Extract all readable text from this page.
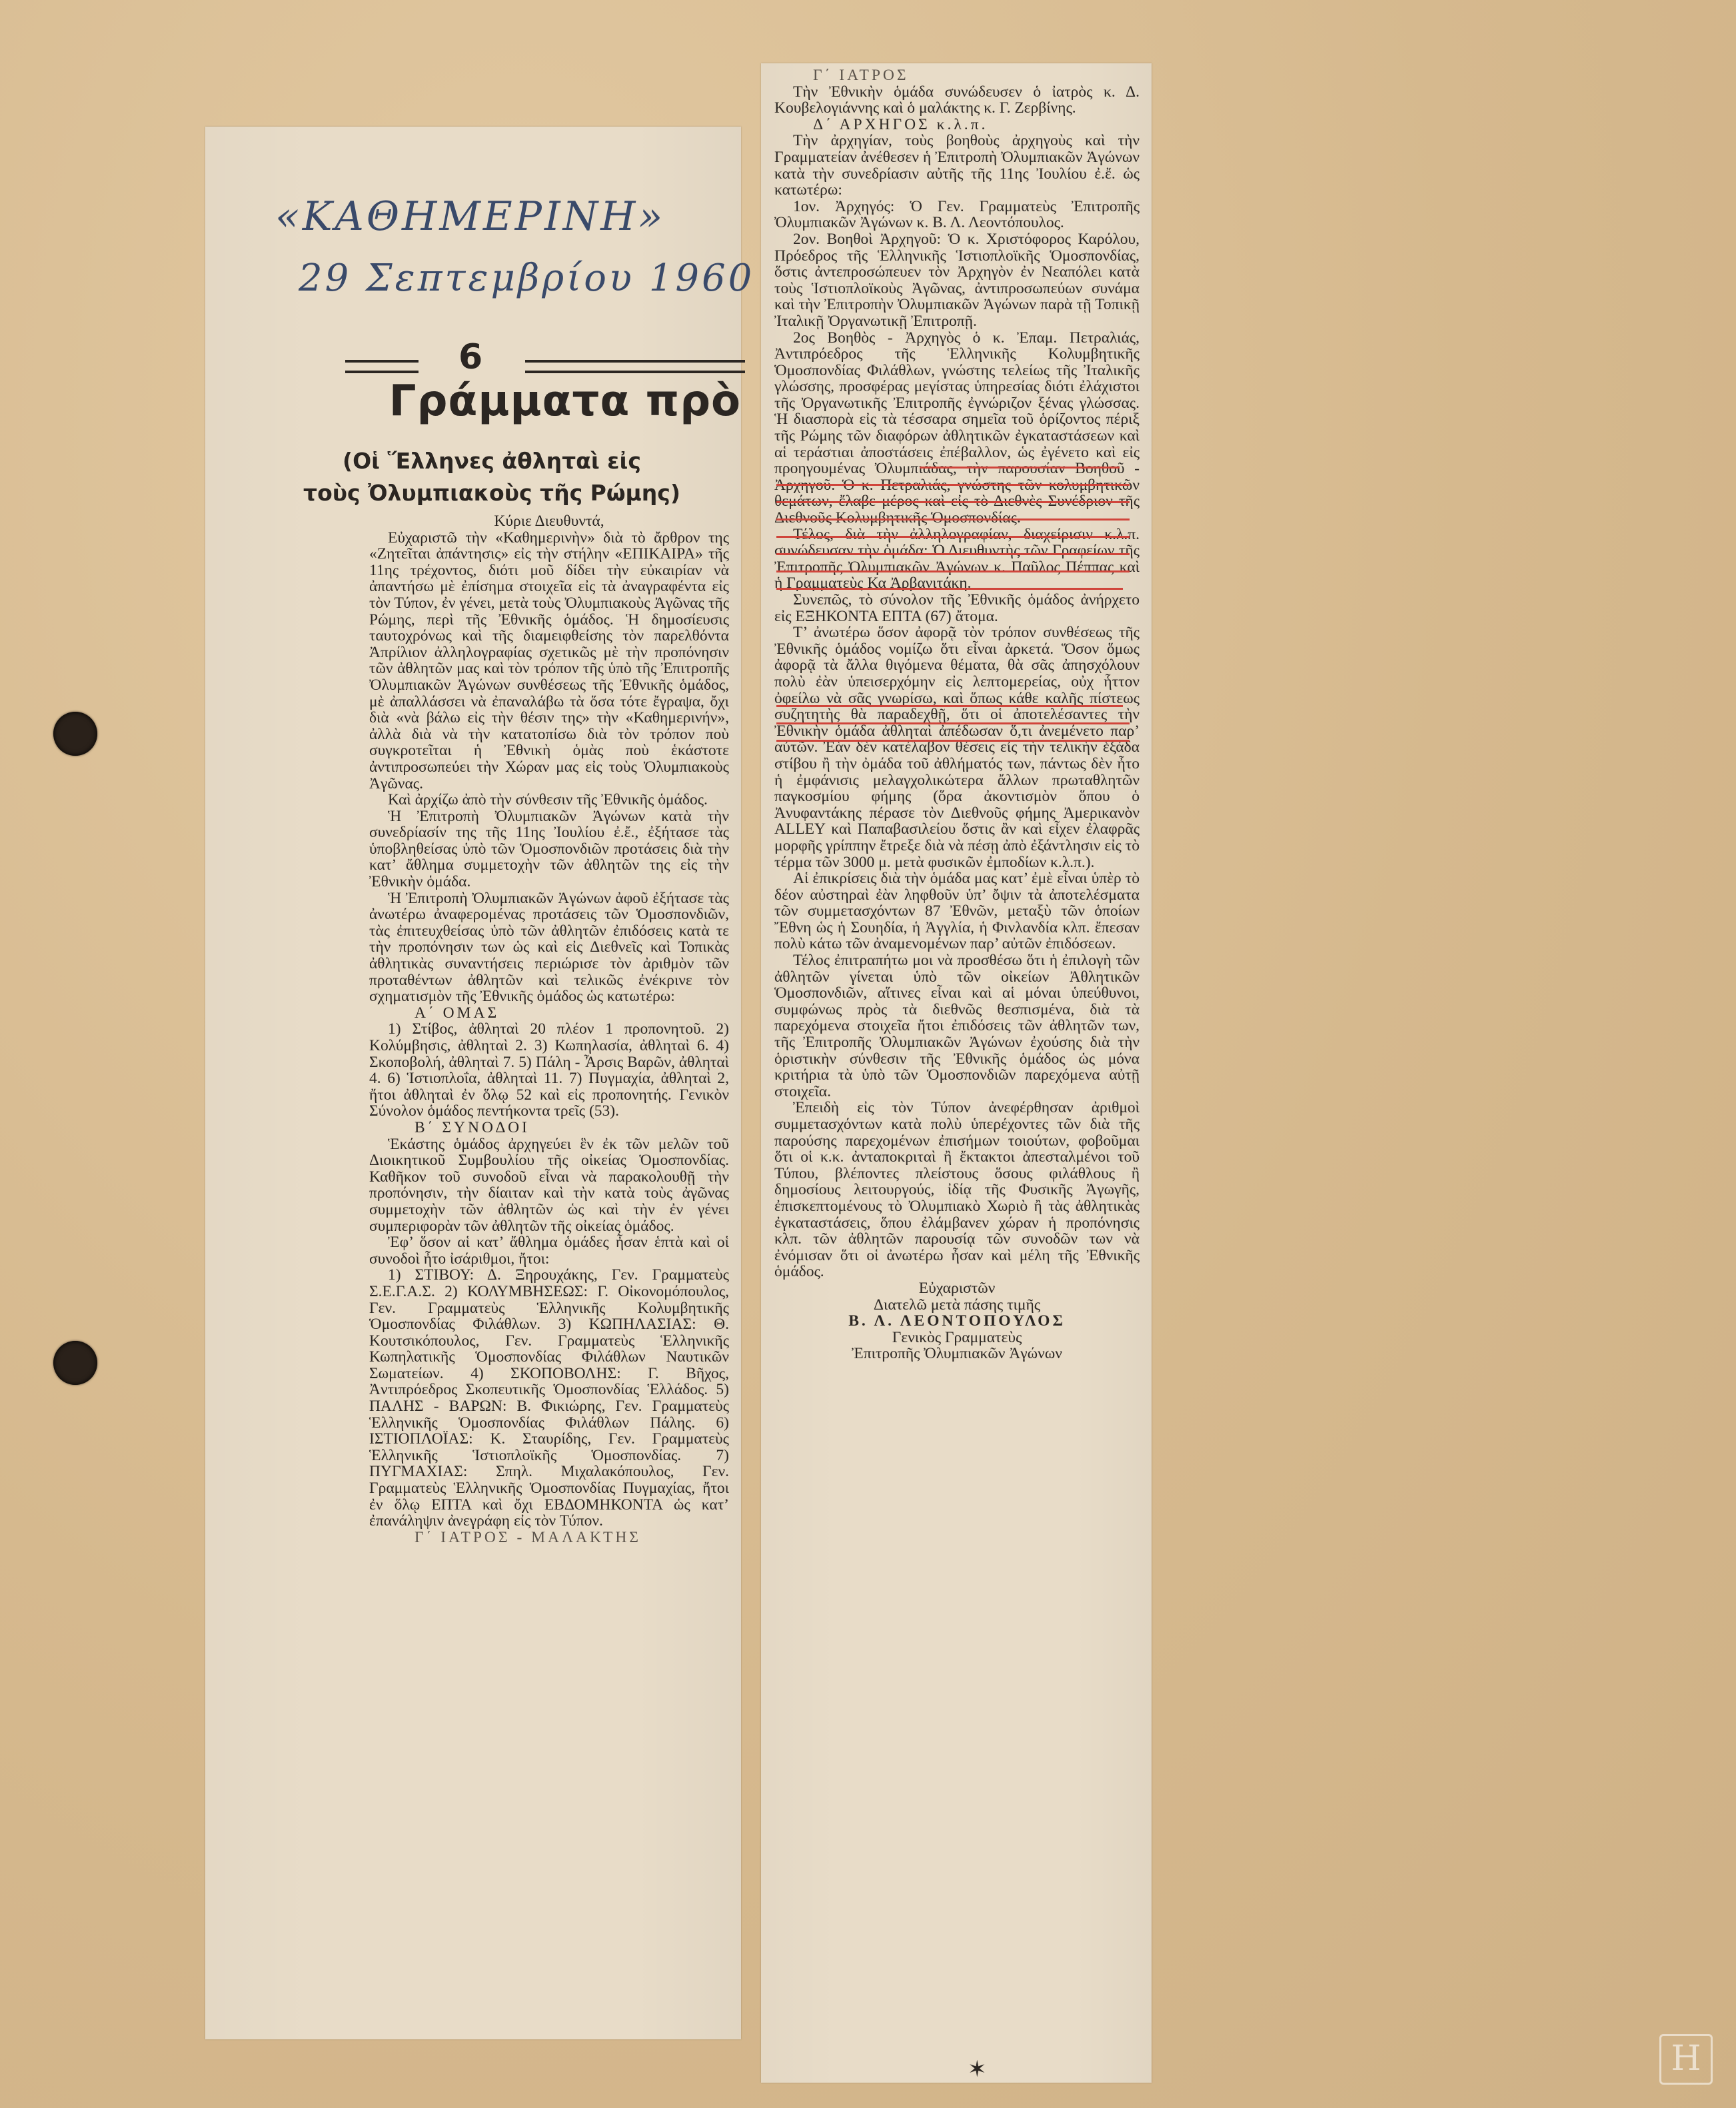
«ΚΑΘΗΜΕΡΙΝΗ»
29 Σεπτεμβρίου 1960
6
Γράμματα πρὸ
(Οἱ Ἕλληνες ἀθληταὶ εἰς
τοὺς Ὀλυμπιακοὺς τῆς Ρώμης)

Κύριε Διευθυντά,

Εὐχαριστῶ τὴν «Καθημερινὴν» διὰ τὸ ἄρθρον της «Ζητεῖται ἀπάντησις» εἰς τὴν στήλην «ΕΠΙΚΑΙΡΑ» τῆς 11ης τρέχοντος, διότι μοῦ δίδει τὴν εὐκαιρίαν νὰ ἀπαντήσω μὲ ἐπίσημα στοιχεῖα εἰς τὰ ἀναγραφέντα εἰς τὸν Τύπον, ἐν γένει, μετὰ τοὺς Ὀλυμπιακοὺς Ἀγῶνας τῆς Ρώμης, περὶ τῆς Ἐθνικῆς ὁμάδος. Ἡ δημοσίευσις ταυτοχρόνως καὶ τῆς διαμειφθείσης τὸν παρελθόντα Ἀπρίλιον ἀλληλογραφίας σχετικῶς μὲ τὴν προπόνησιν τῶν ἀθλητῶν μας καὶ τὸν τρόπον τῆς ὑπὸ τῆς Ἐπιτροπῆς Ὀλυμπιακῶν Ἀγώνων συνθέσεως τῆς Ἐθνικῆς ὁμάδος, μὲ ἀπαλλάσσει νὰ ἐπαναλάβω τὰ ὅσα τότε ἔγραψα, ὄχι διὰ «νὰ βάλω εἰς τὴν θέσιν της» τὴν «Καθημερινήν», ἀλλὰ διὰ νὰ τὴν κατατοπίσω διὰ τὸν τρόπον ποὺ συγκροτεῖται ἡ Ἐθνικὴ ὁμὰς ποὺ ἑκάστοτε ἀντιπροσωπεύει τὴν Χώραν μας εἰς τοὺς Ὀλυμπιακοὺς Ἀγῶνας.

Καὶ ἀρχίζω ἀπὸ τὴν σύνθεσιν τῆς Ἐθνικῆς ὁμάδος.

Ἡ Ἐπιτροπὴ Ὀλυμπιακῶν Ἀγώνων κατὰ τὴν συνεδρίασίν της τῆς 11ης Ἰουλίου ἐ.ἔ., ἐξήτασε τὰς ὑποβληθείσας ὑπὸ τῶν Ὁμοσπονδιῶν προτάσεις διὰ τὴν κατ’ ἄθλημα συμμετοχὴν τῶν ἀθλητῶν της εἰς τὴν Ἐθνικὴν ὁμάδα.

Ἡ Ἐπιτροπὴ Ὀλυμπιακῶν Ἀγώνων ἀφοῦ ἐξήτασε τὰς ἀνωτέρω ἀναφερομένας προτάσεις τῶν Ὁμοσπονδιῶν, τὰς ἐπιτευχθείσας ὑπὸ τῶν ἀθλητῶν ἐπιδόσεις κατὰ τε τὴν προπόνησιν των ὡς καὶ εἰς Διεθνεῖς καὶ Τοπικὰς ἀθλητικὰς συναντήσεις περιώρισε τὸν ἀριθμὸν τῶν προταθέντων ἀθλητῶν καὶ τελικῶς ἐνέκρινε τὸν σχηματισμὸν τῆς Ἐθνικῆς ὁμάδος ὡς κατωτέρω:

Α΄ ΟΜΑΣ

1) Στίβος, ἀθληταὶ 20 πλέον 1 προπονητοῦ. 2) Κολύμβησις, ἀθληταὶ 2. 3) Κωπηλασία, ἀθληταὶ 6. 4) Σκοποβολή, ἀθληταὶ 7. 5) Πάλη - Ἆρσις Βαρῶν, ἀθληταὶ 4. 6) Ἱστιοπλοΐα, ἀθληταὶ 11. 7) Πυγμαχία, ἀθληταὶ 2, ἤτοι ἀθληταὶ ἐν ὅλῳ 52 καὶ εἰς προπονητής. Γενικὸν Σύνολον ὁμάδος πεντήκοντα τρεῖς (53).

Β΄ ΣΥΝΟΔΟΙ

Ἑκάστης ὁμάδος ἀρχηγεύει ἓν ἐκ τῶν μελῶν τοῦ Διοικητικοῦ Συμβουλίου τῆς οἰκείας Ὁμοσπονδίας. Καθῆκον τοῦ συνοδοῦ εἶναι νὰ παρακολουθῇ τὴν προπόνησιν, τὴν δίαιταν καὶ τὴν κατὰ τοὺς ἀγῶνας συμμετοχὴν τῶν ἀθλητῶν ὡς καὶ τὴν ἐν γένει συμπεριφορὰν τῶν ἀθλητῶν τῆς οἰκείας ὁμάδος.

Ἐφ’ ὅσον αἱ κατ’ ἄθλημα ὁμάδες ἦσαν ἑπτὰ καὶ οἱ συνοδοὶ ἦτο ἰσάριθμοι, ἤτοι:

1) ΣΤΙΒΟΥ: Δ. Ξηρουχάκης, Γεν. Γραμματεὺς Σ.Ε.Γ.Α.Σ. 2) ΚΟΛΥΜΒΗΣΕΩΣ: Γ. Οἰκονομόπουλος, Γεν. Γραμματεὺς Ἑλληνικῆς Κολυμβητικῆς Ὁμοσπονδίας Φιλάθλων. 3) ΚΩΠΗΛΑΣΙΑΣ: Θ. Κουτσικόπουλος, Γεν. Γραμματεὺς Ἑλληνικῆς Κωπηλατικῆς Ὁμοσπονδίας Φιλάθλων Ναυτικῶν Σωματείων. 4) ΣΚΟΠΟΒΟΛΗΣ: Γ. Βῆχος, Ἀντιπρόεδρος Σκοπευτικῆς Ὁμοσπονδίας Ἑλλάδος. 5) ΠΑΛΗΣ - ΒΑΡΩΝ: Β. Φικιώρης, Γεν. Γραμματεὺς Ἑλληνικῆς Ὁμοσπονδίας Φιλάθλων Πάλης. 6) ΙΣΤΙΟΠΛΟΪΑΣ: Κ. Σταυρίδης, Γεν. Γραμματεὺς Ἑλληνικῆς Ἱστιοπλοϊκῆς Ὁμοσπονδίας. 7) ΠΥΓΜΑΧΙΑΣ: Σπηλ. Μιχαλακόπουλος, Γεν. Γραμματεὺς Ἑλληνικῆς Ὁμοσπονδίας Πυγμαχίας, ἤτοι ἐν ὅλῳ ΕΠΤΑ καὶ ὄχι ΕΒΔΟΜΗΚΟΝΤΑ ὡς κατ’ ἐπανάληψιν ἀνεγράφη εἰς τὸν Τύπον.

Γ΄ ΙΑΤΡΟΣ - ΜΑΛΑΚΤΗΣ

Γ΄ ΙΑΤΡΟΣ

Τὴν Ἐθνικὴν ὁμάδα συνώδευσεν ὁ ἰατρὸς κ. Δ. Κουβελογιάννης καὶ ὁ μαλάκτης κ. Γ. Ζερβίνης.

Δ΄ ΑΡΧΗΓΟΣ κ.λ.π.

Τὴν ἀρχηγίαν, τοὺς βοηθοὺς ἀρχηγοὺς καὶ τὴν Γραμματείαν ἀνέθεσεν ἡ Ἐπιτροπὴ Ὀλυμπιακῶν Ἀγώνων κατὰ τὴν συνεδρίασιν αὐτῆς τῆς 11ης Ἰουλίου ἐ.ἔ. ὡς κατωτέρω:

1ον. Ἀρχηγός: Ὁ Γεν. Γραμματεὺς Ἐπιτροπῆς Ὀλυμπιακῶν Ἀγώνων κ. Β. Λ. Λεοντόπουλος.

2ον. Βοηθοὶ Ἀρχηγοῦ: Ὁ κ. Χριστόφορος Καρόλου, Πρόεδρος τῆς Ἑλληνικῆς Ἱστιοπλοϊκῆς Ὁμοσπονδίας, ὅστις ἀντεπροσώπευεν τὸν Ἀρχηγὸν ἐν Νεαπόλει κατὰ τοὺς Ἱστιοπλοϊκοὺς Ἀγῶνας, ἀντιπροσωπεύων συνάμα καὶ τὴν Ἐπιτροπὴν Ὀλυμπιακῶν Ἀγώνων παρὰ τῇ Τοπικῇ Ἰταλικῇ Ὀργανωτικῇ Ἐπιτροπῇ.

2ος Βοηθὸς - Ἀρχηγὸς ὁ κ. Ἐπαμ. Πετραλιάς, Ἀντιπρόεδρος τῆς Ἑλληνικῆς Κολυμβητικῆς Ὁμοσπονδίας Φιλάθλων, γνώστης τελείως τῆς Ἰταλικῆς γλώσσης, προσφέρας μεγίστας ὑπηρεσίας διότι ἐλάχιστοι τῆς Ὀργανωτικῆς Ἐπιτροπῆς ἐγνώριζον ξένας γλώσσας. Ἡ διασπορὰ εἰς τὰ τέσσαρα σημεῖα τοῦ ὁρίζοντος πέριξ τῆς Ρώμης τῶν διαφόρων ἀθλητικῶν ἐγκαταστάσεων καὶ αἱ τεράστιαι ἀποστάσεις ἐπέβαλλον, ὡς ἐγένετο καὶ εἰς προηγουμένας Ὀλυμπιάδας, τὴν παρουσίαν Βοηθοῦ - Ἀρχηγοῦ. Ὁ κ. Πετραλιάς, γνώστης τῶν κολυμβητικῶν θεμάτων, ἔλαβε μέρος καὶ εἰς τὸ Διεθνὲς Συνέδριον τῆς Διεθνοῦς Κολυμβητικῆς Ὁμοσπονδίας.

Τέλος, διὰ τὴν ἀλληλογραφίαν, διαχείρισιν κ.λ.π. συνώδευσαν τὴν ὁμάδα: Ὁ Διευθυντὴς τῶν Γραφείων τῆς Ἐπιτροπῆς Ὀλυμπιακῶν Ἀγώνων κ. Παῦλος Πέππας καὶ ἡ Γραμματεὺς Κα Ἀρβανιτάκη.

Συνεπῶς, τὸ σύνολον τῆς Ἐθνικῆς ὁμάδος ἀνήρχετο εἰς ΕΞΗΚΟΝΤΑ ΕΠΤΑ (67) ἄτομα.

Τ’ ἀνωτέρω ὅσον ἀφορᾷ τὸν τρόπον συνθέσεως τῆς Ἐθνικῆς ὁμάδος νομίζω ὅτι εἶναι ἀρκετά. Ὅσον ὅμως ἀφορᾷ τὰ ἄλλα θιγόμενα θέματα, θὰ σᾶς ἀπησχόλουν πολὺ ἐὰν ὑπεισερχόμην εἰς λεπτομερείας, οὐχ ἧττον ὀφείλω νὰ σᾶς γνωρίσω, καὶ ὅπως κάθε καλῆς πίστεως συζητητὴς θὰ παραδεχθῇ, ὅτι οἱ ἀποτελέσαντες τὴν Ἐθνικὴν ὁμάδα ἀθληταὶ ἀπέδωσαν ὅ,τι ἀνεμένετο παρ’ αὐτῶν. Ἐὰν δὲν κατέλαβον θέσεις εἰς τὴν τελικὴν ἑξάδα στίβου ἢ τὴν ὀμάδα τοῦ ἀθλήματός των, πάντως δὲν ἦτο ἡ ἐμφάνισις μελαγχολικώτερα ἄλλων πρωταθλητῶν παγκοσμίου φήμης (ὅρα ἀκοντισμὸν ὅπου ὁ Ἀνυφαντάκης πέρασε τὸν Διεθνοῦς φήμης Ἀμερικανὸν ALLEY καὶ Παπαβασιλείου ὅστις ἂν καὶ εἶχεν ἐλαφρᾶς μορφῆς γρίππην ἔτρεξε διὰ νὰ πέσῃ ἀπὸ ἐξάντλησιν εἰς τὸ τέρμα τῶν 3000 μ. μετὰ φυσικῶν ἐμποδίων κ.λ.π.).

Αἱ ἐπικρίσεις διὰ τὴν ὁμάδα μας κατ’ ἐμὲ εἶναι ὑπὲρ τὸ δέον αὐστηραὶ ἐὰν ληφθοῦν ὑπ’ ὄψιν τὰ ἀποτελέσματα τῶν συμμετασχόντων 87 Ἐθνῶν, μεταξὺ τῶν ὁποίων Ἔθνη ὡς ἡ Σουηδία, ἡ Ἀγγλία, ἡ Φινλανδία κλπ. ἔπεσαν πολὺ κάτω τῶν ἀναμενομένων παρ’ αὐτῶν ἐπιδόσεων.

Τέλος ἐπιτραπήτω μοι νὰ προσθέσω ὅτι ἡ ἐπιλογὴ τῶν ἀθλητῶν γίνεται ὑπὸ τῶν οἰκείων Ἀθλητικῶν Ὁμοσπονδιῶν, αἵτινες εἶναι καὶ αἱ μόναι ὑπεύθυνοι, συμφώνως πρὸς τὰ διεθνῶς θεσπισμένα, διὰ τὰ παρεχόμενα στοιχεῖα ἤτοι ἐπιδόσεις τῶν ἀθλητῶν των, τῆς Ἐπιτροπῆς Ὀλυμπιακῶν Ἀγώνων ἐχούσης διὰ τὴν ὁριστικὴν σύνθεσιν τῆς Ἐθνικῆς ὁμάδος ὡς μόνα κριτήρια τὰ ὑπὸ τῶν Ὁμοσπονδιῶν παρεχόμενα αὐτῇ στοιχεῖα.

Ἐπειδὴ εἰς τὸν Τύπον ἀνεφέρθησαν ἀριθμοὶ συμμετασχόντων κατὰ πολὺ ὑπερέχοντες τῶν διὰ τῆς παρούσης παρεχομένων ἐπισήμων τοιούτων, φοβοῦμαι ὅτι οἱ κ.κ. ἀνταποκριταὶ ἢ ἔκτακτοι ἀπεσταλμένοι τοῦ Τύπου, βλέποντες πλείστους ὅσους φιλάθλους ἢ δημοσίους λειτουργούς, ἰδίᾳ τῆς Φυσικῆς Ἀγωγῆς, ἐπισκεπτομένους τὸ Ὀλυμπιακὸ Χωριὸ ἢ τὰς ἀθλητικὰς ἐγκαταστάσεις, ὅπου ἐλάμβανεν χώραν ἡ προπόνησις κλπ. τῶν ἀθλητῶν παρουσίᾳ τῶν συνοδῶν των νὰ ἐνόμισαν ὅτι οἱ ἀνωτέρω ἦσαν καὶ μέλη τῆς Ἐθνικῆς ὁμάδος.

Εὐχαριστῶν

Διατελῶ μετὰ πάσης τιμῆς

Β. Λ. ΛΕΟΝΤΟΠΟΥΛΟΣ

Γενικὸς Γραμματεὺς

Ἐπιτροπῆς Ὀλυμπιακῶν Ἀγώνων

✶	H
